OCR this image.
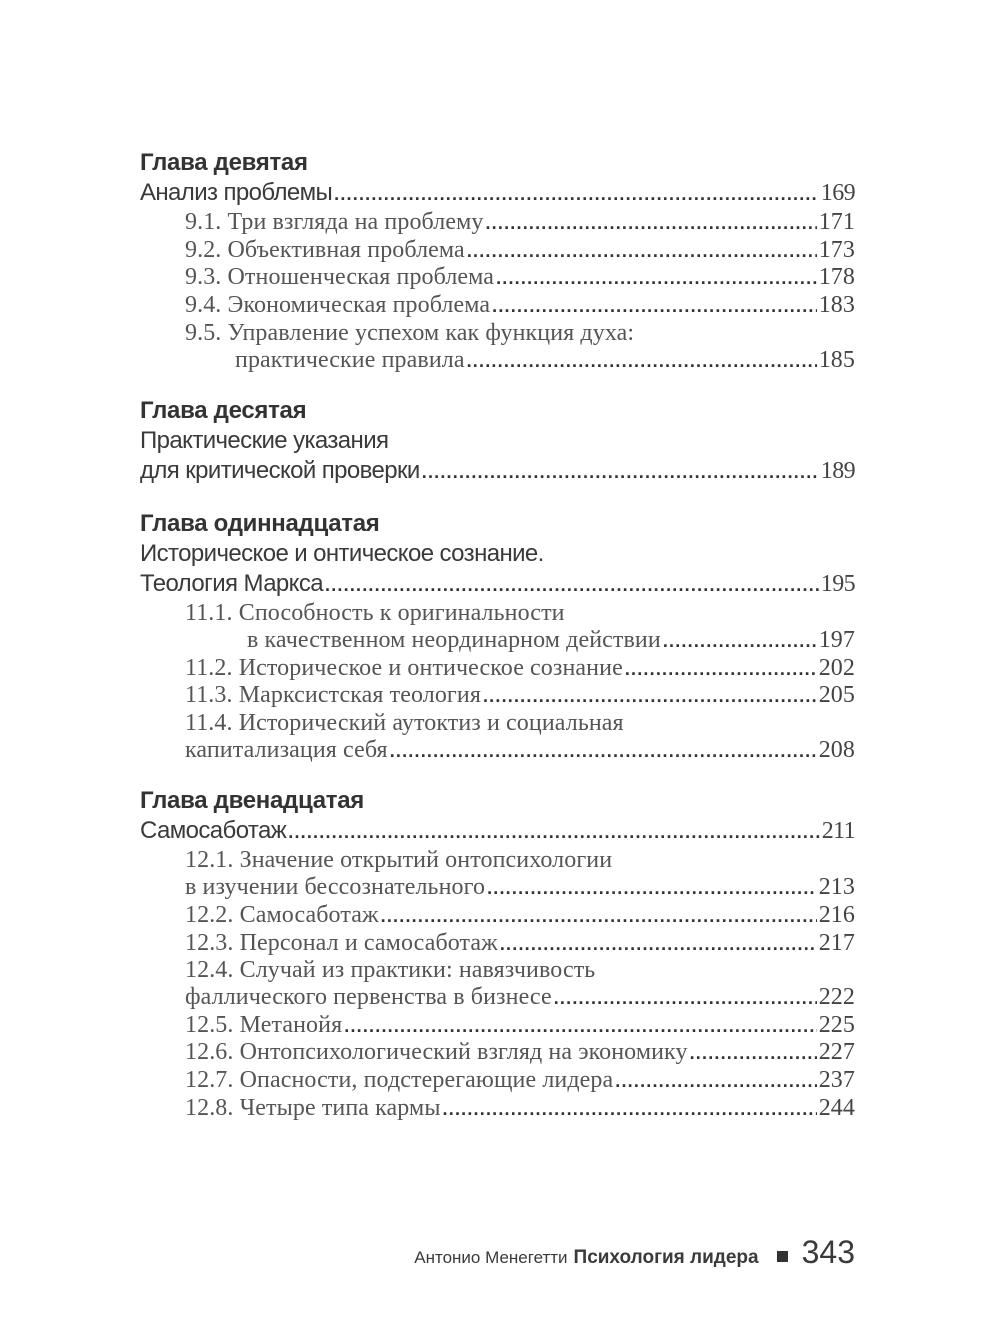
Глава девятая
Анализ проблемы .....	169
9.1. Три взгляда на проблему .....	171
9.2. Объективная проблема .....	173
9.3. Отношенческая проблема .....	178
9.4. Экономическая проблема .....	183
9.5. Управление успехом как функция духа:
практические правила .....	185
Глава десятая
Практические указания
для критической проверки .....	189
Глава одиннадцатая
Историческое и онтическое сознание.
Теология Маркса .....	195
11.1. Способность к оригинальности
в качественном неординарном действии .....	197
11.2. Историческое и онтическое сознание .....	202
11.3. Марксистская теология .....	205
11.4. Исторический аутоктиз и социальная
капитализация себя .....	208
Глава двенадцатая
Самосаботаж .....	211
12.1. Значение открытий онтопсихологии
в изучении бессознательного .....	213
12.2. Самосаботаж .....	216
12.3. Персонал и самосаботаж .....	217
12.4. Случай из практики: навязчивость
фаллического первенства в бизнесе .....	222
12.5. Метанойя .....	225
12.6. Онтопсихологический взгляд на экономику .....	227
12.7. Опасности, подстерегающие лидера .....	237
12.8. Четыре типа кармы .....	244
Антонио Менегетти Психология лидера 343
